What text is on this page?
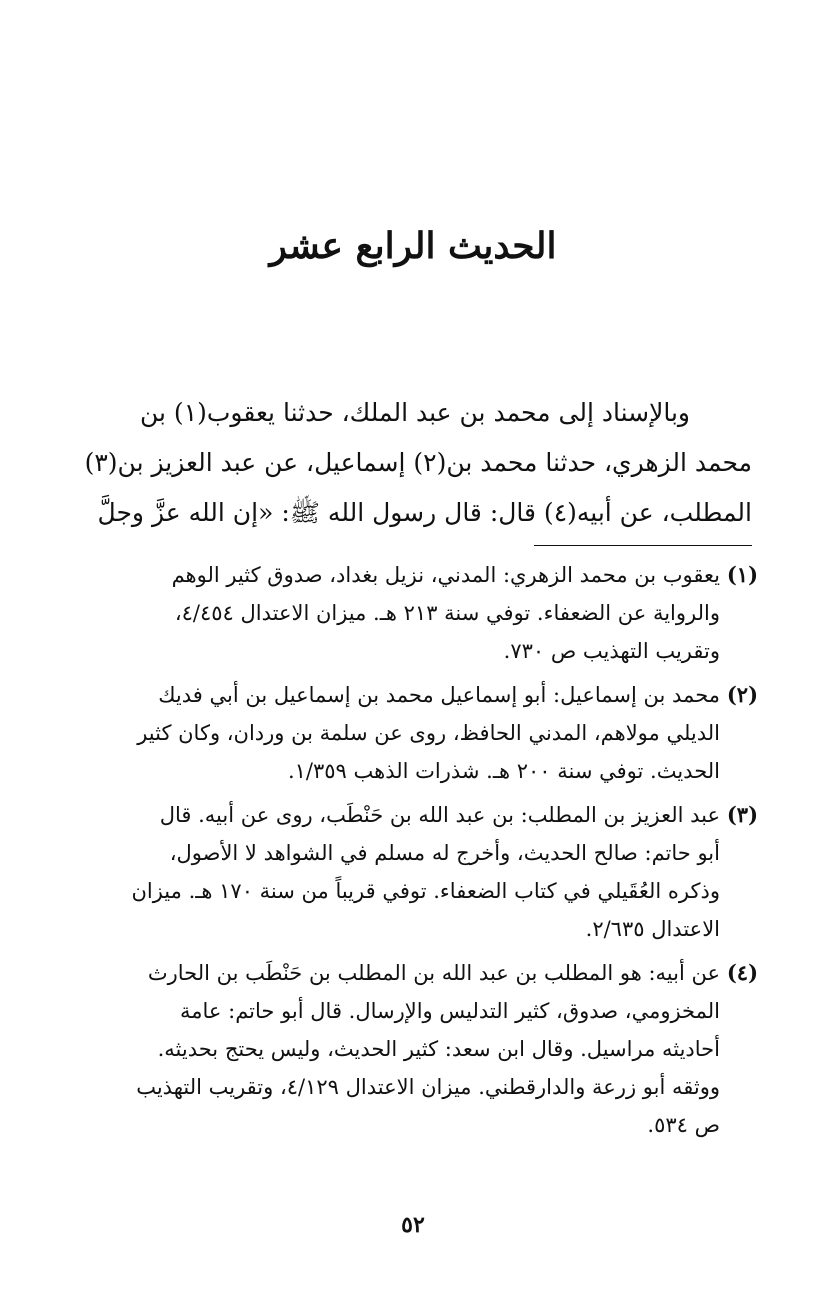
الحديث الرابع عشر
وبالإسناد إلى محمد بن عبد الملك، حدثنا يعقوب(١) بن
محمد الزهري، حدثنا محمد بن(٢) إسماعيل، عن عبد العزيز بن(٣)
المطلب، عن أبيه(٤) قال: قال رسول الله ﷺ: «إن الله عزَّ وجلَّ
(١)
يعقوب بن محمد الزهري: المدني، نزيل بغداد، صدوق كثير الوهم
والرواية عن الضعفاء. توفي سنة ٢١٣ هـ. ميزان الاعتدال ٤/٤٥٤،
وتقريب التهذيب ص ٧٣٠.
(٢)
محمد بن إسماعيل: أبو إسماعيل محمد بن إسماعيل بن أبي فديك
الديلي مولاهم، المدني الحافظ، روى عن سلمة بن وردان، وكان كثير
الحديث. توفي سنة ٢٠٠ هـ. شذرات الذهب ١/٣٥٩.
(٣)
عبد العزيز بن المطلب: بن عبد الله بن حَنْطَب، روى عن أبيه. قال
أبو حاتم: صالح الحديث، وأخرج له مسلم في الشواهد لا الأصول،
وذكره العُقَيلي في كتاب الضعفاء. توفي قريباً من سنة ١٧٠ هـ. ميزان
الاعتدال ٢/٦٣٥.
(٤)
عن أبيه: هو المطلب بن عبد الله بن المطلب بن حَنْطَب بن الحارث
المخزومي، صدوق، كثير التدليس والإرسال. قال أبو حاتم: عامة
أحاديثه مراسيل. وقال ابن سعد: كثير الحديث، وليس يحتج بحديثه.
ووثقه أبو زرعة والدارقطني. ميزان الاعتدال ٤/١٢٩، وتقريب التهذيب
ص ٥٣٤.

٥٢
